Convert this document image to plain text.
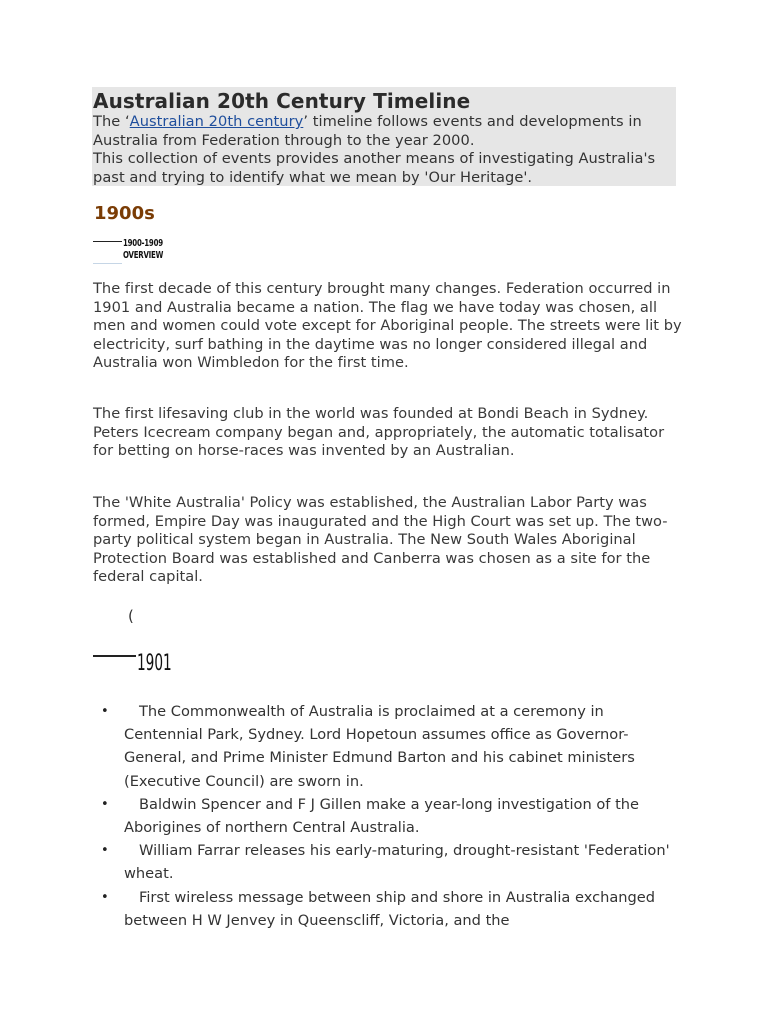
Australian 20th Century Timeline

The ‘Australian 20th century’ timeline follows events and developments in Australia from Federation through to the year 2000.

This collection of events provides another means of investigating Australia's past and trying to identify what we mean by 'Our Heritage'.

1900s
1900-1909
OVERVIEW

The first decade of this century brought many changes. Federation occurred in 1901 and Australia became a nation. The flag we have today was chosen, all men and women could vote except for Aboriginal people. The streets were lit by electricity, surf bathing in the daytime was no longer considered illegal and Australia won Wimbledon for the first time.

The first lifesaving club in the world was founded at Bondi Beach in Sydney. Peters Icecream company began and, appropriately, the automatic totalisator for betting on horse-races was invented by an Australian.

The 'White Australia' Policy was established, the Australian Labor Party was formed, Empire Day was inaugurated and the High Court was set up. The two-party political system began in Australia. The New South Wales Aboriginal Protection Board was established and Canberra was chosen as a site for the federal capital.

(
1901
•	The Commonwealth of Australia is proclaimed at a ceremony in Centennial Park, Sydney. Lord Hopetoun assumes office as Governor-General, and Prime Minister Edmund Barton and his cabinet ministers (Executive Council) are sworn in.
•	Baldwin Spencer and F J Gillen make a year-long investigation of the Aborigines of northern Central Australia.
•	William Farrar releases his early-maturing, drought-resistant 'Federation' wheat.
•	First wireless message between ship and shore in Australia exchanged between H W Jenvey in Queenscliff, Victoria, and the
